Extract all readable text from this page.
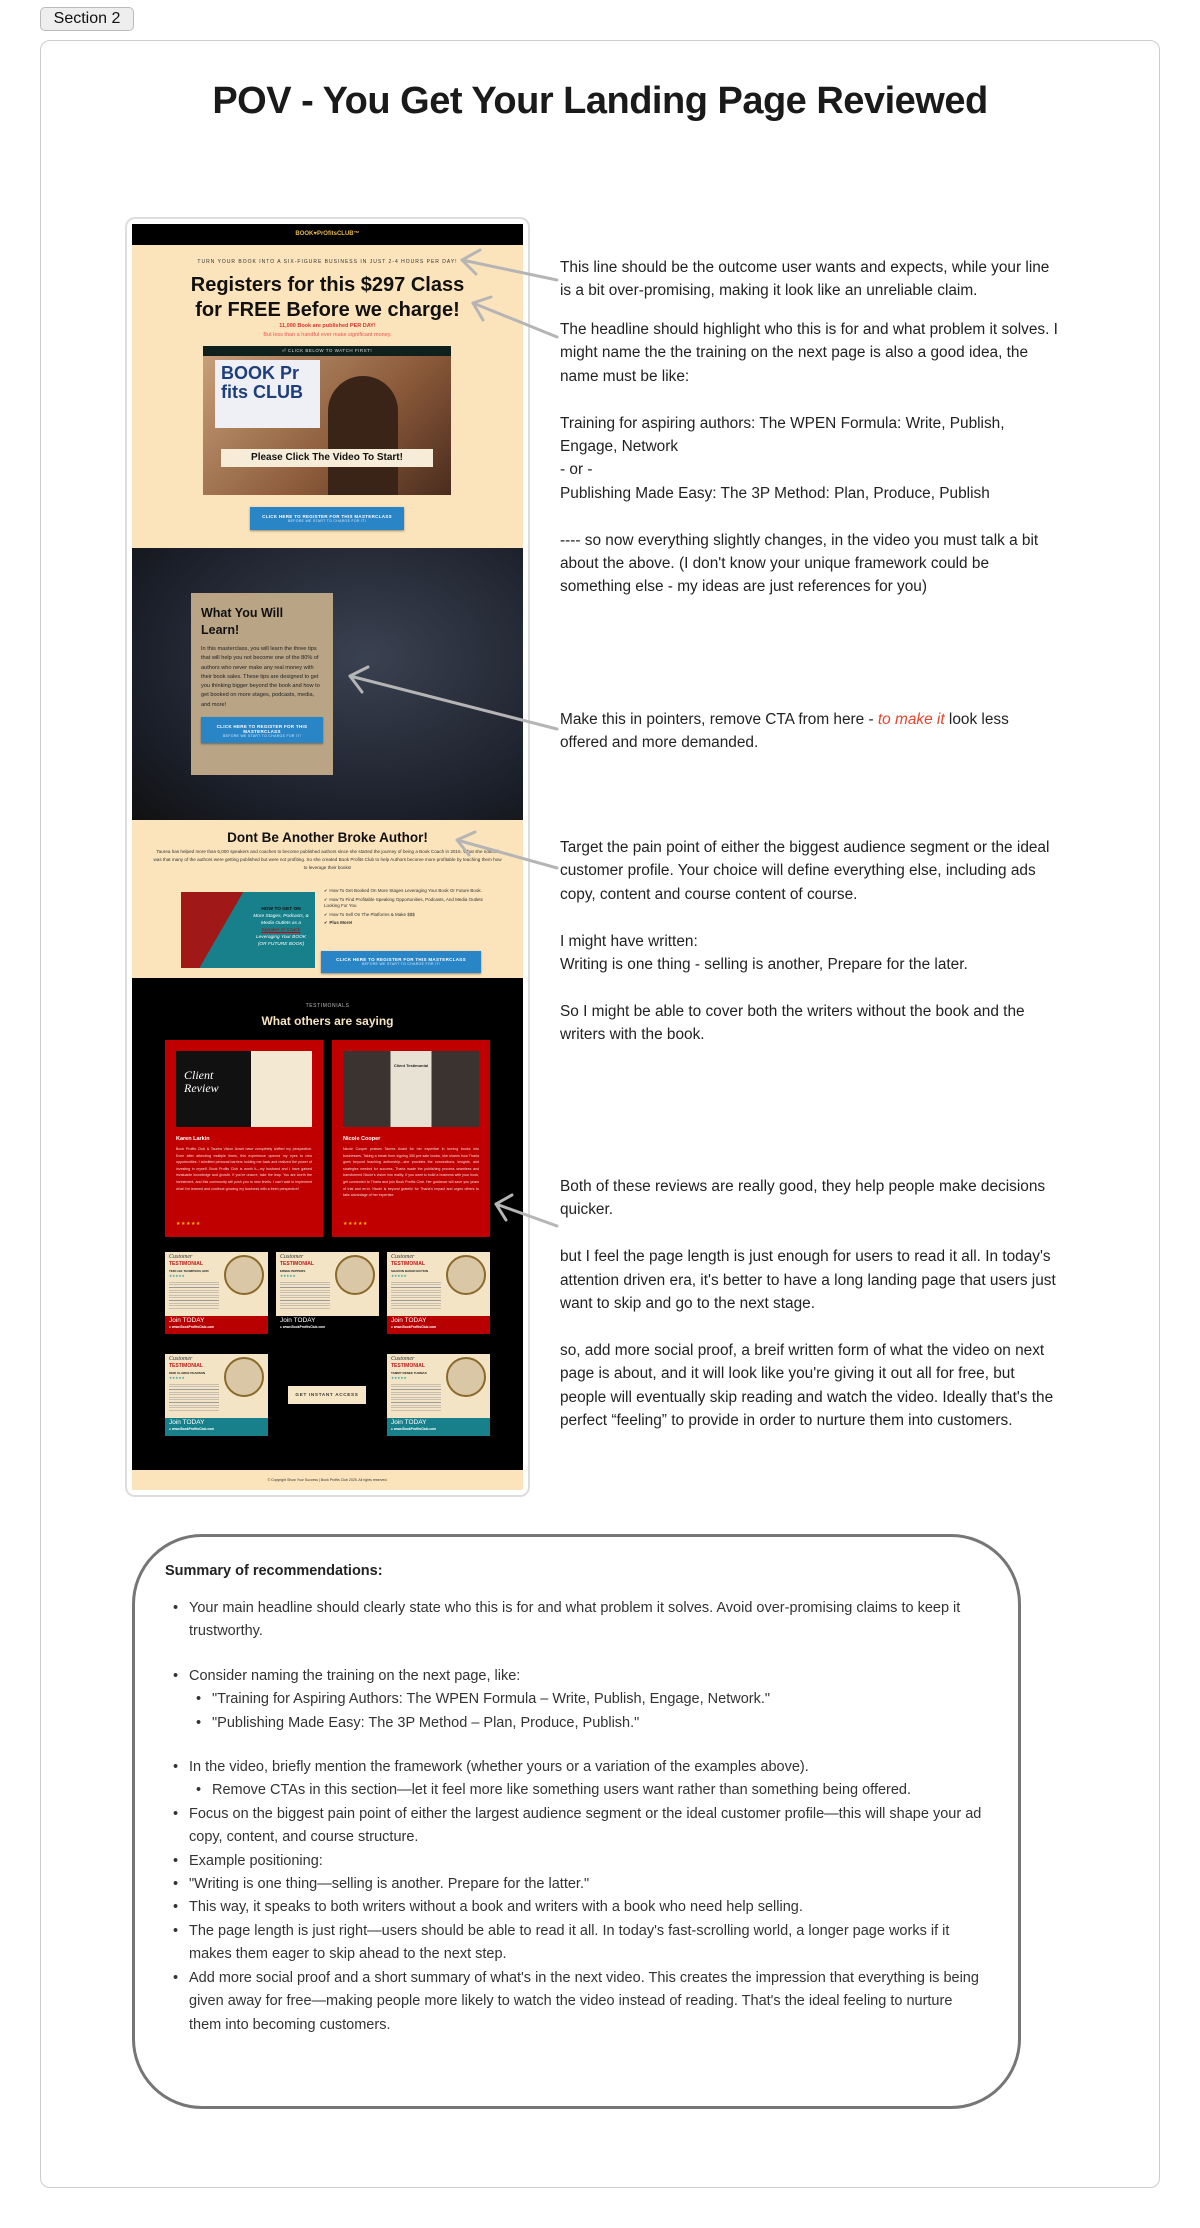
Section 2
POV - You Get Your Landing Page Reviewed
BOOK♥PrOfitsCLUB™
TURN YOUR BOOK INTO A SIX-FIGURE BUSINESS IN JUST 2-4 HOURS PER DAY!
Registers for this $297 Class
for FREE Before we charge!
11,000 Book are published PER DAY!
But less than a handful ever make significant money.
⏎ CLICK BELOW TO WATCH FIRST!
BOOK Pr fits CLUB
Please Click The Video To Start!
CLICK HERE TO REGISTER FOR THIS MASTERCLASS
BEFORE WE START TO CHARGE FOR IT!
What You Will Learn!

In this masterclass, you will learn the three tips that will help you not become one of the 80% of authors who never make any real money with their book sales. These tips are designed to get you thinking bigger beyond the book and how to get booked on more stages, podcasts, media, and more!

CLICK HERE TO REGISTER FOR THIS MASTERCLASS
BEFORE WE START TO CHARGE FOR IT!
Dont Be Another Broke Author!

Taurea has helped more than 6,000 speakers and coaches to become published authors since she started the journey of being a Book Coach in 2015. What she noticed was that many of the authors were getting published but were not profiting. So she created Book Profits Club to help Authors become more profitable by teaching them how to leverage their books!

HOW TO GET ON
More Stages, Podcasts, & Media Outlets as a
Speaker or Coach
Leveraging Your BOOK (OR FUTURE BOOK)
✔ How To Get Booked On More Stages Leveraging Your Book Or Future Book.
✔ How To Find Profitable Speaking Opportunities, Podcasts, And Media Outlets Looking For You
✔ How To Sell On The Platforms & Make $$$
✔ Plus More!
CLICK HERE TO REGISTER FOR THIS MASTERCLASS
BEFORE WE START TO CHARGE FOR IT!
TESTIMONIALS
What others are saying
Client Review
Karen Larkin
Book Profits Club & Taurea Vision Avant have completely shifted my perspective. Even after attending multiple times, this experience opened my eyes to new opportunities. I admitted personal barriers holding me back and realized the power of investing in myself. Book Profits Club is worth it—my husband and I have gained invaluable knowledge and growth. If you're unsure, take the leap. You are worth the investment, and this community will push you to new levels. I can't wait to implement what I've learned and continue growing my business with a fresh perspective!
★★★★★
Client Testimonial
Nicole Cooper
Nicole Cooper praises Taurea Avant for her expertise in turning books into businesses. Taking a break from signing 350 pre-sale books, she shares how Tharia goes beyond teaching authorship—she provides the connections, insights, and strategies needed for success. Tharia made the publishing process seamless and transformed Nicole's vision into reality. If you want to build a business with your book, get connected to Tharia and join Book Profits Club. Her guidance will save you years of trial and error. Nicole is beyond grateful for Tharia's impact and urges others to take advantage of her expertise.
★★★★★
Customer
TESTIMONIAL
TERI LEE THOMPSON, EDD
★★★★★
Join TODAY
● www.BookProfitsClub.com
Customer
TESTIMONIAL
ERNEE PEPPERS
★★★★★
Join TODAY
● www.BookProfitsClub.com
Customer
TESTIMONIAL
SHARON BAKER BOYKIN
★★★★★
Join TODAY
● www.BookProfitsClub.com
Customer
TESTIMONIAL
KERI CLARKE PEARSON
★★★★★
Join TODAY
● www.BookProfitsClub.com
Customer
TESTIMONIAL
TAMMY RENEE THOMAS
★★★★★
Join TODAY
● www.BookProfitsClub.com
GET INSTANT ACCESS
© Copyright Show Your Success | Book Profits Club 2025. All rights reserved.
This line should be the outcome user wants and expects, while your line is a bit over-promising, making it look like an unreliable claim.
The headline should highlight who this is for and what problem it solves. I might name the the training on the next page is also a good idea, the name must be like:

Training for aspiring authors: The WPEN Formula: Write, Publish, Engage, Network
- or -
Publishing Made Easy: The 3P Method: Plan, Produce, Publish

---- so now everything slightly changes, in the video you must talk a bit about the above. (I don't know your unique framework could be something else - my ideas are just references for you)
Make this in pointers, remove CTA from here - to make it look less offered and more demanded.
Target the pain point of either the biggest audience segment or the ideal customer profile. Your choice will define everything else, including ads copy, content and course content of course.

I might have written:
Writing is one thing - selling is another, Prepare for the later.

So I might be able to cover both the writers without the book and the writers with the book.
Both of these reviews are really good, they help people make decisions quicker.

but I feel the page length is just enough for users to read it all. In today's attention driven era, it's better to have a long landing page that users just want to skip and go to the next stage.

so, add more social proof, a breif written form of what the video on next page is about, and it will look like you're giving it out all for free, but people will eventually skip reading and watch the video. Ideally that's the perfect “feeling” to provide in order to nurture them into customers.
Summary of recommendations:
• Your main headline should clearly state who this is for and what problem it solves. Avoid over-promising claims to keep it trustworthy.
• Consider naming the training on the next page, like:
• "Training for Aspiring Authors: The WPEN Formula – Write, Publish, Engage, Network."
• "Publishing Made Easy: The 3P Method – Plan, Produce, Publish."
• In the video, briefly mention the framework (whether yours or a variation of the examples above).
• Remove CTAs in this section—let it feel more like something users want rather than something being offered.
• Focus on the biggest pain point of either the largest audience segment or the ideal customer profile—this will shape your ad copy, content, and course structure.
• Example positioning:
• "Writing is one thing—selling is another. Prepare for the latter."
• This way, it speaks to both writers without a book and writers with a book who need help selling.
• The page length is just right—users should be able to read it all. In today's fast-scrolling world, a longer page works if it makes them eager to skip ahead to the next step.
• Add more social proof and a short summary of what's in the next video. This creates the impression that everything is being given away for free—making people more likely to watch the video instead of reading. That's the ideal feeling to nurture them into becoming customers.
